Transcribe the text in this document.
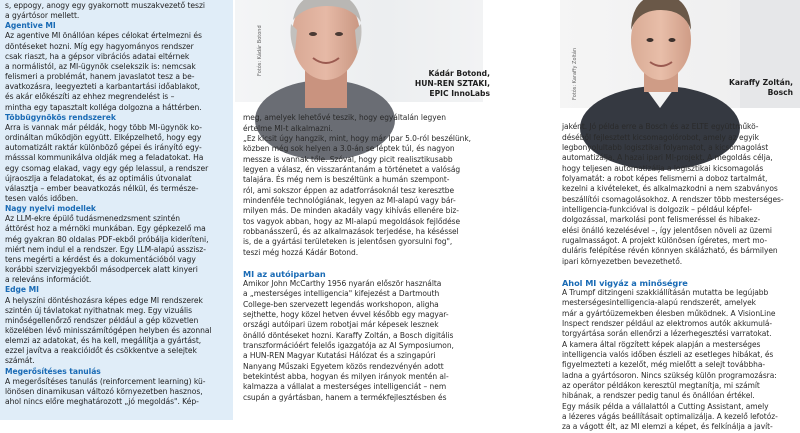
s, eppogy, anogy egy gyakornott muszakvezető teszi
a gyártósor mellett.
Agentive MI
Az agentive MI önállóan képes célokat értelmezni és
döntéseket hozni. Míg egy hagyományos rendszer
csak riaszt, ha a gépsor vibrációs adatai eltérnek
a normálistól, az MI-ügynök cselekszik is: nemcsak
felismeri a problémát, hanem javaslatot tesz a be-
avatkozásra, leegyezteti a karbantartási időablakot,
és akár előkészíti az ehhez megrendelést is –
mintha egy tapasztalt kolléga dolgozna a háttérben.
Többügynökös rendszerek
Arra is vannak már példák, hogy több MI-ügynök ko-
ordináltan működjön együtt. Elképzelhető, hogy egy
automatizált raktár különböző gépei és irányító egy-
másssal kommunikálva oldják meg a feladatokat. Ha
egy csomag elakad, vagy egy gép lelassul, a rendszer
újraoszlja a feladatokat, és az optimális útvonalat
választja – ember beavatkozás nélkül, és természe-
tesen valós időben.
Nagy nyelvi modellek
Az LLM-ekre épülő tudásmenedzsment szintén
áttörést hoz a mérnöki munkában. Egy gépkezelő ma
még gyakran 80 oldalas PDF-ekből próbálja kideríteni,
miért nem indul el a rendszer. Egy LLM-alapú asszisz-
tens megérti a kérdést és a dokumentációból vagy
korábbi szervizjegyekből másodpercek alatt kinyeri
a releváns információt.
Edge MI
A helyszíni döntéshozásra képes edge MI rendszerek
szintén új távlatokat nyithatnak meg. Egy vizuális
minőségellenőrző rendszer például a gép közvetlen
közelében lévő minisszámítógépen helyben és azonnal
elemzi az adatokat, és ha kell, megállítja a gyártást,
ezzel javítva a reakcióidőt és csökkentve a selejtek
számát.
Megerősítéses tanulás
A megerősítéses tanulás (reinforcement learning) kü-
lönösen dinamikusan változó környezetben hasznos,
ahol nincs előre meghatározott „jó megoldás". Kép-
Fotós: Kádár Botond	Kádár Botond,
HUN-REN SZTAKI,
EPIC InnoLabs	Fotós: Karaffy Zoltán	Karaffy Zoltán,
Bosch

meg, amelyek lehetővé teszik, hogy egyáltalán legyen
értelme MI-t alkalmazni.
„Ez kicsit úgy hangzik, mint, hogy már Ipar 5.0-ról beszélünk,
közben még sok helyen a 3.0-án se léptek túl, és nagyon
messze is vannak tőle. Szóval, hogy picit realisztikusabb
legyen a válasz, én visszarántanám a történetet a valóság
talajára. És még nem is beszéltünk a humán szempont-
ról, ami sokszor éppen az adatforrásoknál tesz keresztbe
mindenféle technológiának, legyen az MI-alapú vagy bár-
milyen más. De minden akadály vagy kihívás ellenére biz-
tos vagyok abban, hogy az MI-alapú megoldások fejlődése
robbanásszerű, és az alkalmazások terjedése, ha késéssel
is, de a gyártási területeken is jelentősen gyorsulni fog",
teszi még hozzá Kádár Botond.

MI az autóiparban
Amikor John McCarthy 1956 nyarán először használta
a „mesterséges intelligencia" kifejezést a Dartmouth
College-ben szervezett legendás workshopon, aligha
sejthette, hogy közel hetven évvel később egy magyar-
országi autóipari üzem robotjai már képesek lesznek
önálló döntéseket hozni. Karaffy Zoltán, a Bosch digitális
transzformációért felelős igazgatója az AI Symposiumon,
a HUN-REN Magyar Kutatási Hálózat és a szingapúri
Nanyang Műszaki Egyetem közös rendezvényén adott
betekintést abba, hogyan és milyen irányok mentén al-
kalmazza a vállalat a mesterséges intelligenciát – nem
csupán a gyártásban, hanem a termékfejlesztésben és

jaként. Jó példa erre a Bosch és az ELTE együttműkö-
déséből fejlesztett kicsomagolórobot, amely az egyik
legbonyolultabb logisztikai folyamatot, a kicsomagolást
automatizálja. A hazai ipari MI-projekt. A megoldás célja,
hogy teljesen automatizálja a logisztikai kicsomagolás
folyamatát: a robot képes felismerni a doboz tartalmát,
kezelni a kivételeket, és alkalmazkodni a nem szabványos
beszállítói csomagolásokhoz. A rendszer több mesterséges-
intelligencia-funkcióval is dolgozik – például képfel-
dolgozással, markolási pont felismeréssel és hibakez-
elési önálló kezelésével –, így jelentősen növeli az üzemi
rugalmasságot. A projekt különösen ígéretes, mert mo-
duláris felépítése révén könnyen skálázható, és bármilyen
ipari környezetben bevezethető.

Ahol MI vigyáz a minőségre
A Trumpf ditzingeni szakkiállításán mutatta be legújabb
mesterségesintelligencia-alapú rendszerét, amelyek
már a gyártóüzemekben élesben működnek. A VisionLine
Inspect rendszer például az elektromos autók akkumulá-
torgyártása során ellenőrzi a lézerhegesztési varratokat.
A kamera által rögzített képek alapján a mesterséges
intelligencia valós időben észleli az esetleges hibákat, és
figyelmezteti a kezelőt, még mielőtt a selejt továbbha-
ladna a gyártósoron. Nincs szükség külön programozásra:
az operátor példákon keresztül megtanítja, mi számít
hibának, a rendszer pedig tanul és önállóan értékel.
Egy másik példa a vállalattól a Cutting Assistant, amely
a lézeres vágás beállításait optimalizálja. A kezelő lefotóz-
za a vágott élt, az MI elemzi a képet, és felkínálja a javít-
